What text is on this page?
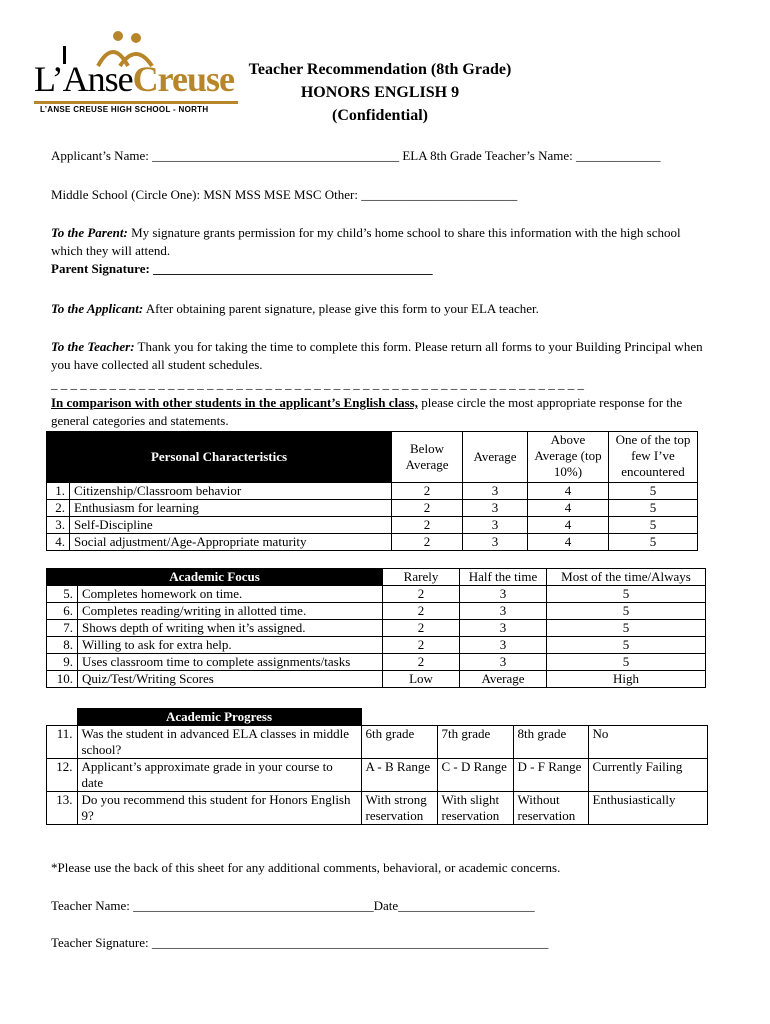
L’AnseCreuse
L’ANSE CREUSE HIGH SCHOOL - NORTH
Teacher Recommendation (8th Grade)
HONORS ENGLISH 9
(Confidential)
Applicant’s Name: ______________________________________ ELA 8th Grade Teacher’s Name: _____________
Middle School (Circle One): MSN MSS MSE MSC Other: ________________________
To the Parent: My signature grants permission for my child’s home school to share this information with the high school which they will attend.
Parent Signature: ___________________________________________
To the Applicant: After obtaining parent signature, please give this form to your ELA teacher.
To the Teacher: Thank you for taking the time to complete this form. Please return all forms to your Building Principal when you have collected all student schedules.
_ _ _ _ _ _ _ _ _ _ _ _ _ _ _ _ _ _ _ _ _ _ _ _ _ _ _ _ _ _ _ _ _ _ _ _ _ _ _ _ _ _ _ _ _ _ _ _ _ _ _ _ _ _ _
In comparison with other students in the applicant’s English class, please circle the most appropriate response for the general categories and statements.
Personal Characteristics		Below Average	Average	Above Average (top 10%)	One of the top few I’ve encountered
1.	Citizenship/Classroom behavior	2	3	4	5
2.	Enthusiasm for learning	2	3	4	5
3.	Self-Discipline	2	3	4	5
4.	Social adjustment/Age-Appropriate maturity	2	3	4	5
Academic Focus		Rarely	Half the time	Most of the time/Always
5.	Completes homework on time.	2	3	5
6.	Completes reading/writing in allotted time.	2	3	5
7.	Shows depth of writing when it’s assigned.	2	3	5
8.	Willing to ask for extra help.	2	3	5
9.	Uses classroom time to complete assignments/tasks	2	3	5
10.	Quiz/Test/Writing Scores	Low	Average	High
	Academic Progress				
11.	Was the student in advanced ELA classes in middle school?	6th grade	7th grade	8th grade	No
12.	Applicant’s approximate grade in your course to date	A - B Range	C - D Range	D - F Range	Currently Failing
13.	Do you recommend this student for Honors English 9?	With strong reservation	With slight reservation	Without reservation	Enthusiastically
*Please use the back of this sheet for any additional comments, behavioral, or academic concerns.
Teacher Name: _____________________________________Date_____________________
Teacher Signature: _____________________________________________________________
